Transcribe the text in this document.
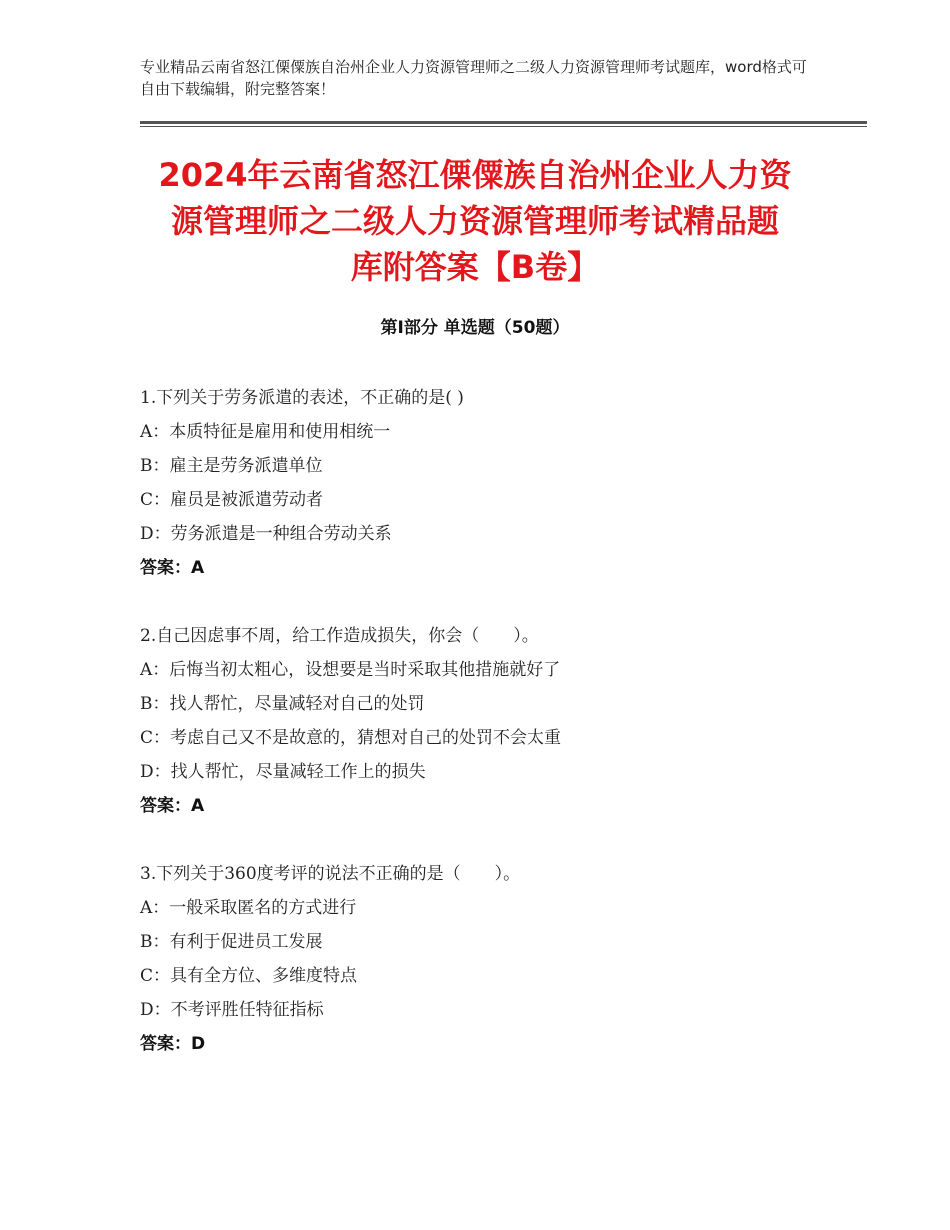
专业精品云南省怒江傈僳族自治州企业人力资源管理师之二级人力资源管理师考试题库，word格式可自由下载编辑，附完整答案！
2024年云南省怒江傈僳族自治州企业人力资
源管理师之二级人力资源管理师考试精品题
库附答案【B卷】
第Ⅰ部分 单选题（50题）
1.下列关于劳务派遣的表述，不正确的是( )
A：本质特征是雇用和使用相统一
B：雇主是劳务派遣单位
C：雇员是被派遣劳动者
D：劳务派遣是一种组合劳动关系
答案：A
2.自己因虑事不周，给工作造成损失，你会（　　）。
A：后悔当初太粗心，设想要是当时采取其他措施就好了
B：找人帮忙，尽量减轻对自己的处罚
C：考虑自己又不是故意的，猜想对自己的处罚不会太重
D：找人帮忙，尽量减轻工作上的损失
答案：A
3.下列关于360度考评的说法不正确的是（　　）。
A：一般采取匿名的方式进行
B：有利于促进员工发展
C：具有全方位、多维度特点
D：不考评胜任特征指标
答案：D
